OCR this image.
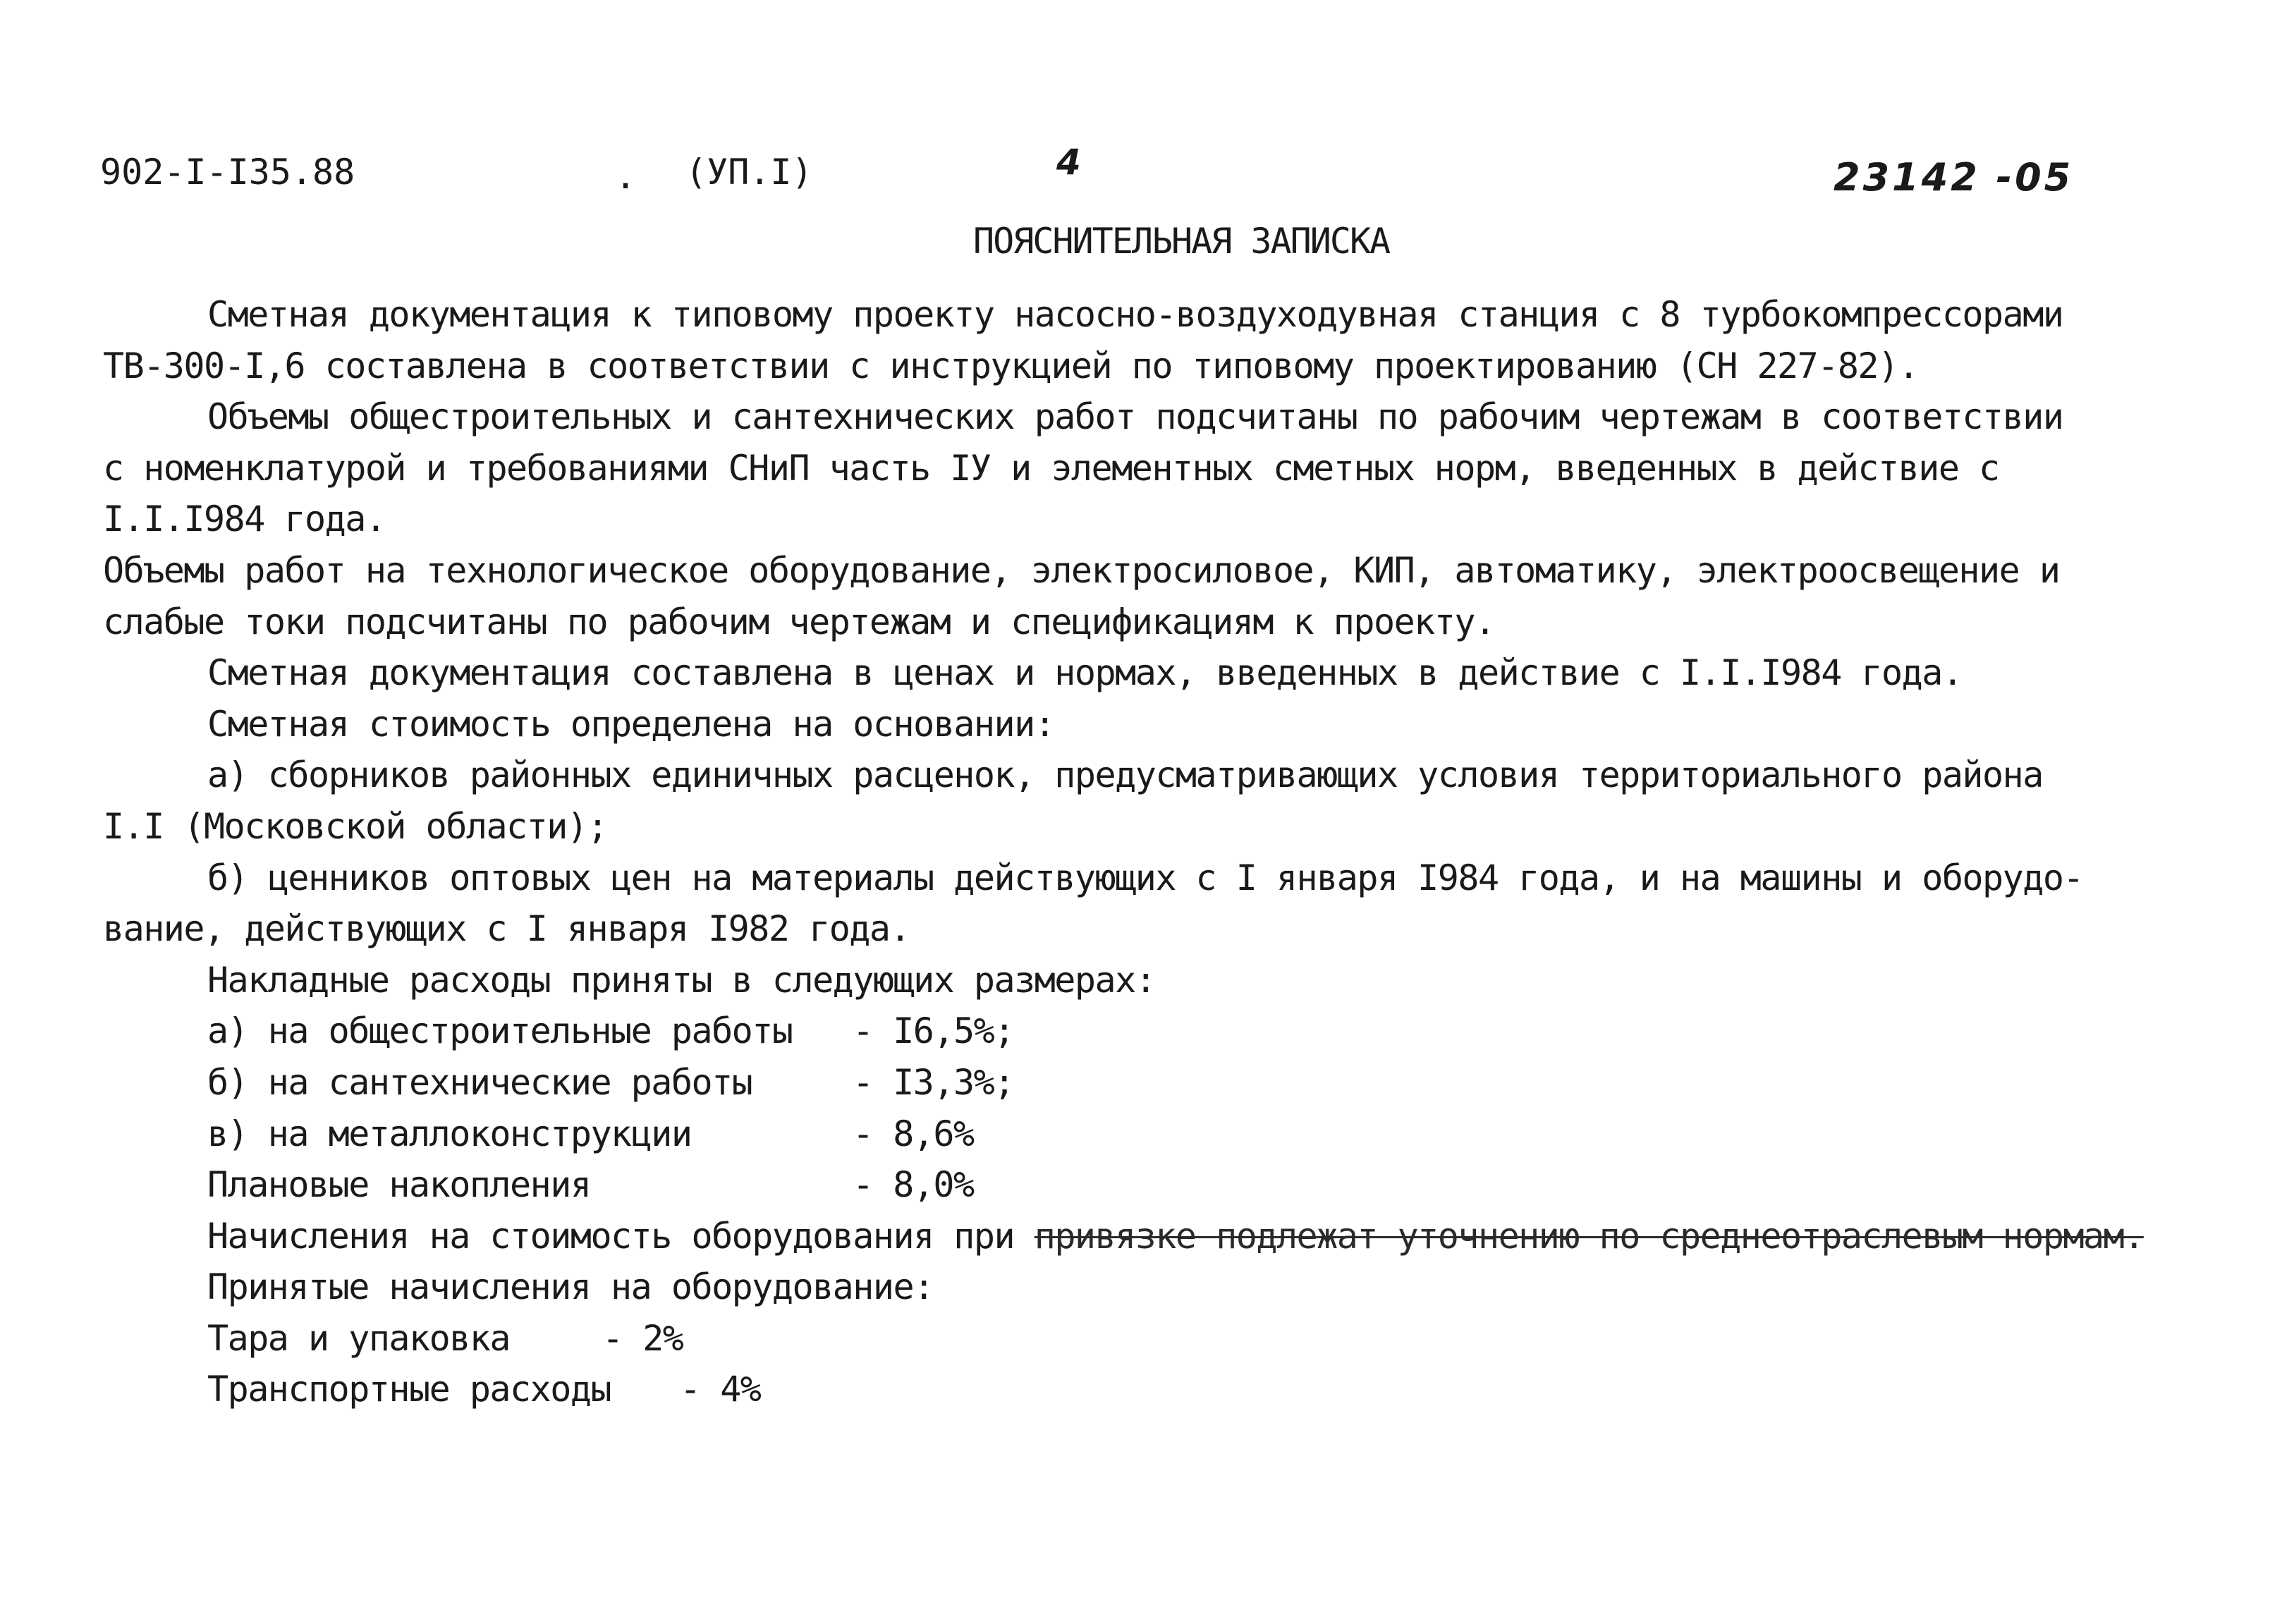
902-I-I35.88	. (УП.I)	4	23142 -05
ПОЯСНИТЕЛЬНАЯ ЗАПИСКА
Сметная документация к типовому проекту насосно-воздуходувная станция с 8 турбокомпрессорами
ТВ-300-I,6 составлена в соответствии с инструкцией по типовому проектированию (СН 227-82).
Объемы общестроительных и сантехнических работ подсчитаны по рабочим чертежам в соответствии
с номенклатурой и требованиями СНиП часть IУ и элементных сметных норм, введенных в действие с
I.I.I984 года.
Объемы работ на технологическое оборудование, электросиловое, КИП, автоматику, электроосвещение и
слабые токи подсчитаны по рабочим чертежам и спецификациям к проекту.
Сметная документация составлена в ценах и нормах, введенных в действие с I.I.I984 года.
Сметная стоимость определена на основании:
а) сборников районных единичных расценок, предусматривающих условия территориального района
I.I (Московской области);
б) ценников оптовых цен на материалы действующих с I января I984 года, и на машины и оборудо-
вание, действующих с I января I982 года.
Накладные расходы приняты в следующих размерах:
а) на общестроительные работы	- I6,5%;
б) на сантехнические работы	- I3,3%;
в) на металлоконструкции	- 8,6%
Плановые накопления	- 8,0%
Начисления на стоимость оборудования при привязке подлежат уточнению по среднеотраслевым нормам.
Принятые начисления на оборудование:
Тара и упаковка	- 2%
Транспортные расходы	- 4%
